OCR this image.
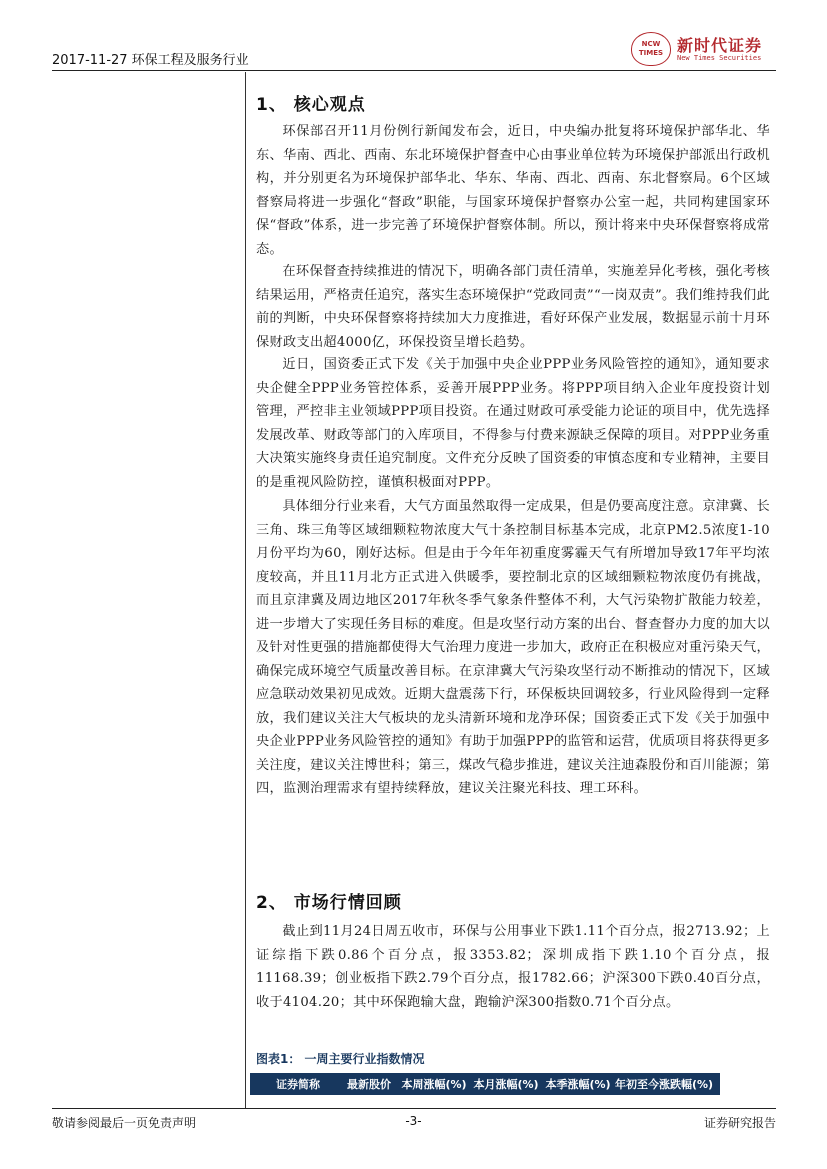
2017-11-27 环保工程及服务行业
NCW TIMES 新时代证券
New Times Securities
1、 核心观点

环保部召开11月份例行新闻发布会，近日，中央编办批复将环境保护部华北、华东、华南、西北、西南、东北环境保护督查中心由事业单位转为环境保护部派出行政机构，并分别更名为环境保护部华北、华东、华南、西北、西南、东北督察局。6个区域督察局将进一步强化“督政”职能，与国家环境保护督察办公室一起，共同构建国家环保“督政”体系，进一步完善了环境保护督察体制。所以，预计将来中央环保督察将成常态。

在环保督查持续推进的情况下，明确各部门责任清单，实施差异化考核，强化考核结果运用，严格责任追究，落实生态环境保护“党政同责”“一岗双责”。我们维持我们此前的判断，中央环保督察将持续加大力度推进，看好环保产业发展，数据显示前十月环保财政支出超4000亿，环保投资呈增长趋势。

近日，国资委正式下发《关于加强中央企业PPP业务风险管控的通知》，通知要求央企健全PPP业务管控体系，妥善开展PPP业务。将PPP项目纳入企业年度投资计划管理，严控非主业领域PPP项目投资。在通过财政可承受能力论证的项目中，优先选择发展改革、财政等部门的入库项目，不得参与付费来源缺乏保障的项目。对PPP业务重大决策实施终身责任追究制度。文件充分反映了国资委的审慎态度和专业精神，主要目的是重视风险防控，谨慎积极面对PPP。

具体细分行业来看，大气方面虽然取得一定成果，但是仍要高度注意。京津冀、长三角、珠三角等区域细颗粒物浓度大气十条控制目标基本完成，北京PM2.5浓度1-10月份平均为60，刚好达标。但是由于今年年初重度雾霾天气有所增加导致17年平均浓度较高，并且11月北方正式进入供暖季，要控制北京的区域细颗粒物浓度仍有挑战，而且京津冀及周边地区2017年秋冬季气象条件整体不利，大气污染物扩散能力较差，进一步增大了实现任务目标的难度。但是攻坚行动方案的出台、督查督办力度的加大以及针对性更强的措施都使得大气治理力度进一步加大，政府正在积极应对重污染天气，确保完成环境空气质量改善目标。在京津冀大气污染攻坚行动不断推动的情况下，区域应急联动效果初见成效。近期大盘震荡下行，环保板块回调较多，行业风险得到一定释放，我们建议关注大气板块的龙头清新环境和龙净环保；国资委正式下发《关于加强中央企业PPP业务风险管控的通知》有助于加强PPP的监管和运营，优质项目将获得更多关注度，建议关注博世科；第三，煤改气稳步推进，建议关注迪森股份和百川能源；第四，监测治理需求有望持续释放，建议关注聚光科技、理工环科。

2、 市场行情回顾

截止到11月24日周五收市，环保与公用事业下跌1.11个百分点，报2713.92；上证综指下跌0.86个百分点，报3353.82；深圳成指下跌1.10个百分点，报11168.39；创业板指下跌2.79个百分点，报1782.66；沪深300下跌0.40百分点，收于4104.20；其中环保跑输大盘，跑输沪深300指数0.71个百分点。

图表1： 一周主要行业指数情况
证券简称	最新股价 本周涨幅(%) 本月涨幅(%) 本季涨幅(%) 年初至今涨跌幅(%)
敬请参阅最后一页免责声明	-3-	证券研究报告
